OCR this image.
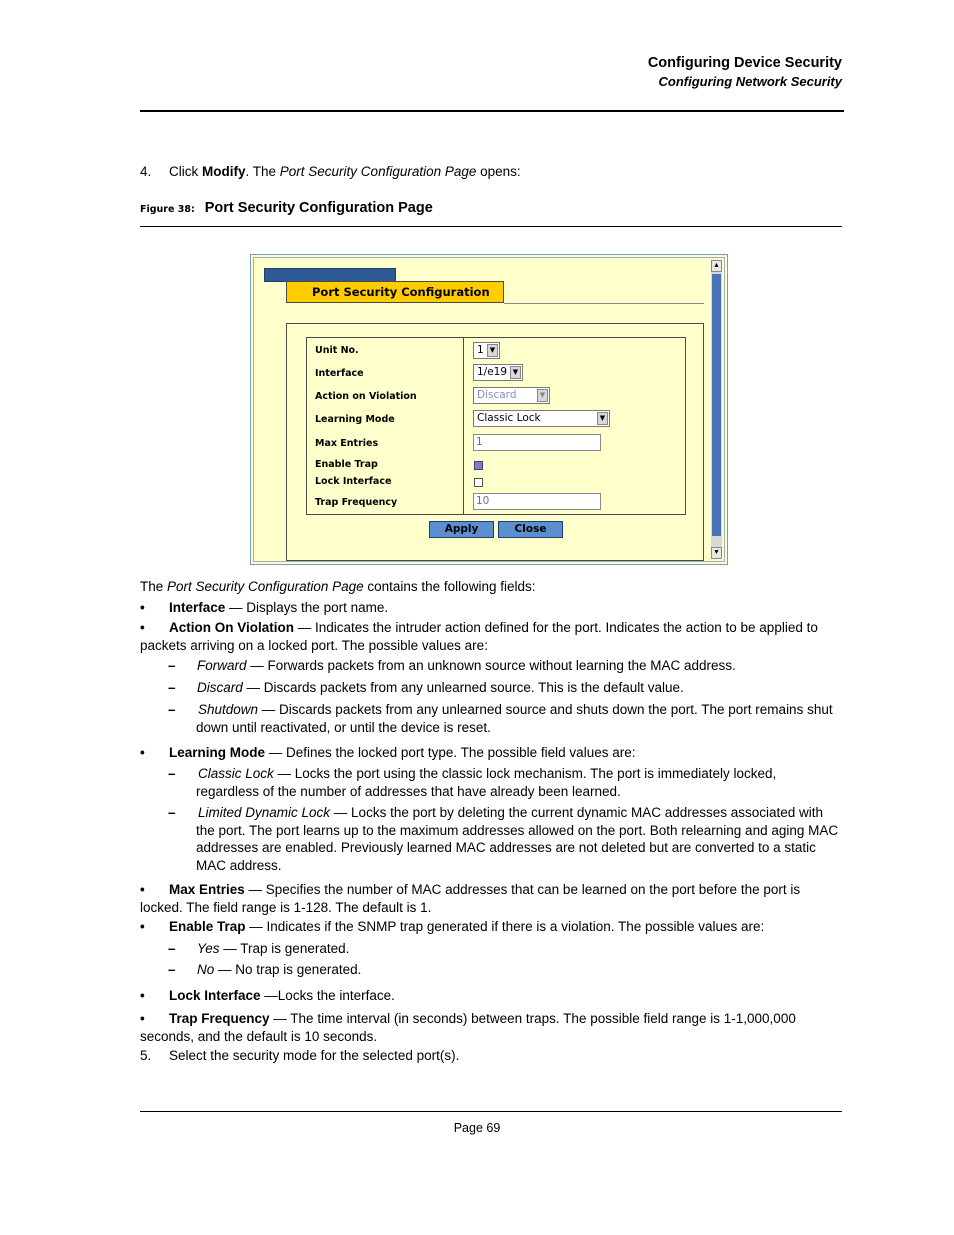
Configuring Device Security
Configuring Network Security
4. Click Modify. The Port Security Configuration Page opens:
Figure 38: Port Security Configuration Page
Port Security Configuration
Unit No.	1 ▼
Interface	1/e19 ▼
Action on Violation	Discard	▼
Learning Mode	Classic Lock	▼
Max Entries	1
Enable Trap
Lock Interface
Trap Frequency	10
Apply	Close
▲
▼
The Port Security Configuration Page contains the following fields:
•	Interface — Displays the port name.
•	Action On Violation — Indicates the intruder action defined for the port. Indicates the action to be applied to packets arriving on a locked port. The possible values are:
–	Forward — Forwards packets from an unknown source without learning the MAC address.
–	Discard — Discards packets from any unlearned source. This is the default value.
–	Shutdown — Discards packets from any unlearned source and shuts down the port. The port remains shut down until reactivated, or until the device is reset.
•	Learning Mode — Defines the locked port type. The possible field values are:
–	Classic Lock — Locks the port using the classic lock mechanism. The port is immediately locked, regardless of the number of addresses that have already been learned.
–	Limited Dynamic Lock — Locks the port by deleting the current dynamic MAC addresses associated with the port. The port learns up to the maximum addresses allowed on the port. Both relearning and aging MAC addresses are enabled. Previously learned MAC addresses are not deleted but are converted to a static MAC address.
•	Max Entries — Specifies the number of MAC addresses that can be learned on the port before the port is locked. The field range is 1-128. The default is 1.
•	Enable Trap — Indicates if the SNMP trap generated if there is a violation. The possible values are:
–	Yes — Trap is generated.
–	No — No trap is generated.
•	Lock Interface —Locks the interface.
•	Trap Frequency — The time interval (in seconds) between traps. The possible field range is 1-1,000,000 seconds, and the default is 10 seconds.
5. Select the security mode for the selected port(s).
Page 69
